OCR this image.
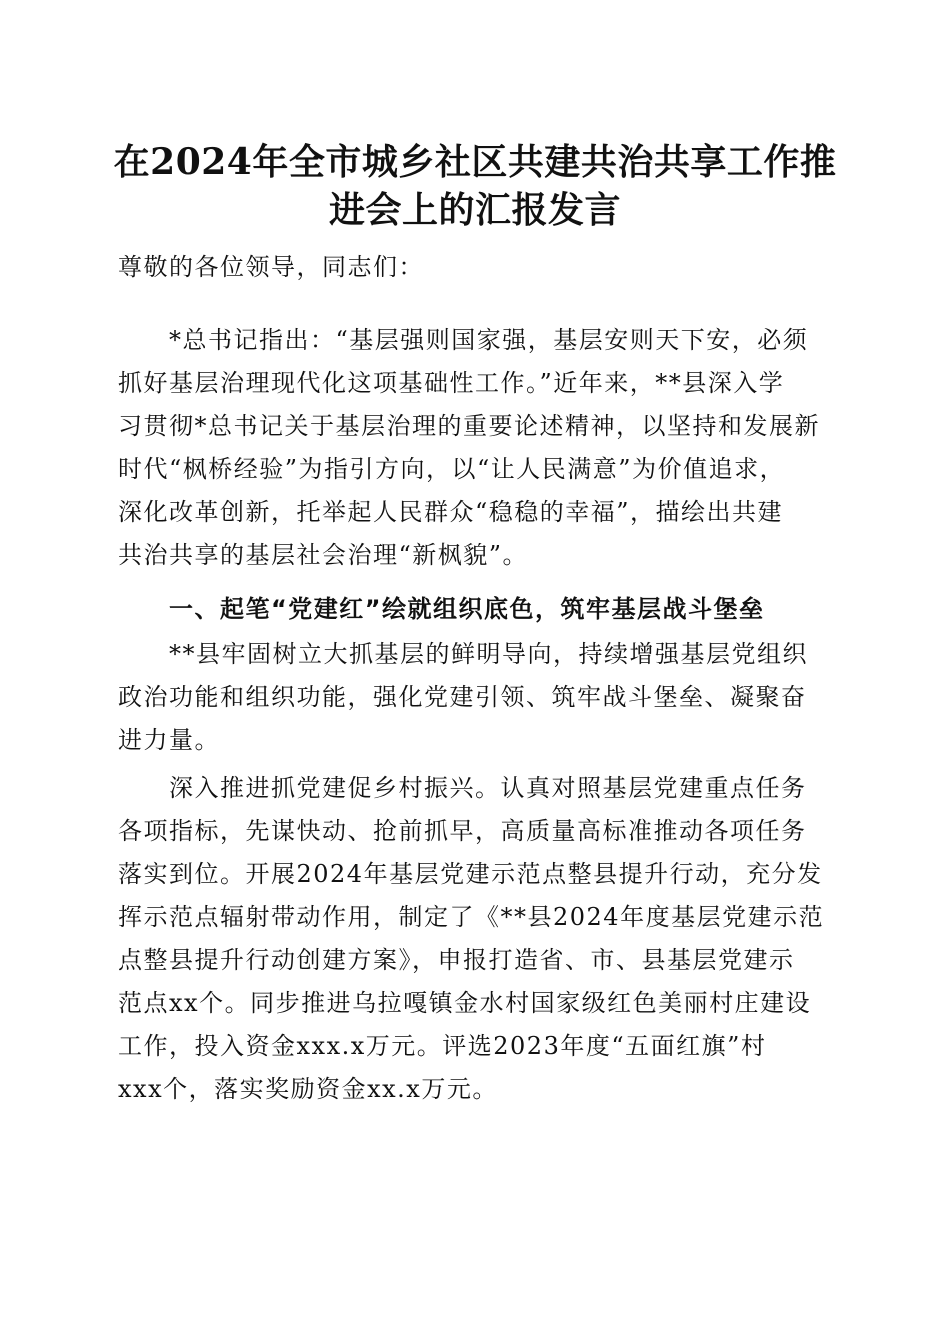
在2024年全市城乡社区共建共治共享工作推
进会上的汇报发言
尊敬的各位领导，同志们：
　　*总书记指出：“基层强则国家强，基层安则天下安，必须
抓好基层治理现代化这项基础性工作。”近年来，**县深入学
习贯彻*总书记关于基层治理的重要论述精神，以坚持和发展新
时代“枫桥经验”为指引方向，以“让人民满意”为价值追求，
深化改革创新，托举起人民群众“稳稳的幸福”，描绘出共建
共治共享的基层社会治理“新枫貌”。
　　一、起笔“党建红”绘就组织底色，筑牢基层战斗堡垒
　　**县牢固树立大抓基层的鲜明导向，持续增强基层党组织
政治功能和组织功能，强化党建引领、筑牢战斗堡垒、凝聚奋
进力量。
　　深入推进抓党建促乡村振兴。认真对照基层党建重点任务
各项指标，先谋快动、抢前抓早，高质量高标准推动各项任务
落实到位。开展2024年基层党建示范点整县提升行动，充分发
挥示范点辐射带动作用，制定了《**县2024年度基层党建示范
点整县提升行动创建方案》，申报打造省、市、县基层党建示
范点xx个。同步推进乌拉嘎镇金水村国家级红色美丽村庄建设
工作，投入资金xxx.x万元。评选2023年度“五面红旗”村
xxx个，落实奖励资金xx.x万元。
